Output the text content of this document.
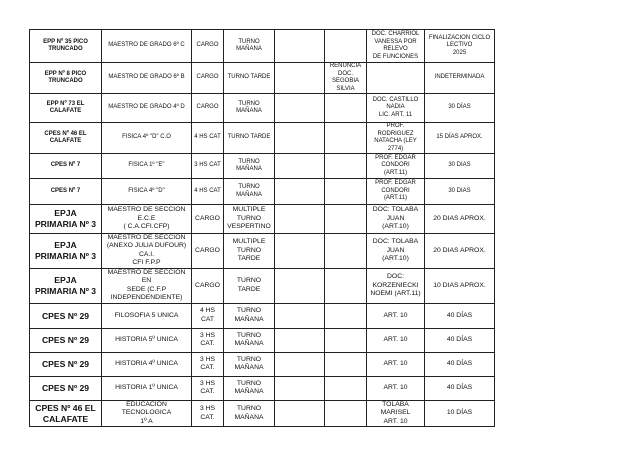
EPP Nº 35 PICO
TRUNCADO	MAESTRO DE GRADO 6º C	CARGO	TURNO MAÑANA			DOC. CHARRIOL
VANESSA POR RELEVO
DE FUNCIONES	FINALIZACION CICLO LECTIVO
2025
EPP Nº 8 PICO
TRUNCADO	MAESTRO DE GRADO 6º B	CARGO	TURNO TARDE		RENUNCIA DOC.
SEGOBIA SILVIA		INDETERMINADA
EPP Nº 73 EL CALAFATE	MAESTRO DE GRADO 4º D	CARGO	TURNO MAÑANA			DOC. CASTILLO NADIA
LIC. ART. 11	30 DÍAS
CPES Nº 46 EL CALAFATE	FISICA 4º "D" C.O	4 HS CAT	TURNO TARDE			PROF. RODRIGUEZ
NATACHA (LEY 2774)	15 DÍAS APROX.
CPES Nº 7	FISICA 1º "E"	3 HS CAT	TURNO MAÑANA			PROF. EDGAR
CONDORI (ART.11)	30 DIAS
CPES Nº 7	FISICA 4º "D"	4 HS CAT	TURNO MAÑANA			PROF. EDGAR
CONDORI (ART.11)	30 DIAS
EPJA PRIMARIA Nº 3	MAESTRO DE SECCION E.C.E
( C.A.CFI.CFP)	CARGO	MULTIPLE
TURNO
VESPERTINO			DOC: TOLABA JUAN
(ART.10)	20 DIAS APROX.
EPJA PRIMARIA Nº 3	MAESTRO DE SECCION
(ANEXO JULIA DUFOUR) CA.I.
CFI F.P.P	CARGO	MULTIPLE
TURNO TARDE			DOC: TOLABA JUAN
(ART.10)	20 DIAS APROX.
EPJA PRIMARIA Nº 3	MAESTRO DE SECCION EN
SEDE (C.F.P
INDEPENDENDIENTE)	CARGO	TURNO TARDE			DOC: KORZENIECKI
NOEMI (ART.11)	10 DIAS APROX.
CPES Nº 29	FILOSOFIA 5 UNICA	4 HS CAT	TURNO MAÑANA			ART. 10	40 DÍAS
CPES Nº 29	HISTORIA 5º UNICA	3 HS CAT.	TURNO MAÑANA			ART. 10	40 DÍAS
CPES Nº 29	HISTORIA 4º UNICA	3 HS CAT.	TURNO MAÑANA			ART. 10	40 DÍAS
CPES Nº 29	HISTORIA 1º UNICA	3 HS CAT.	TURNO MAÑANA			ART. 10	40 DÍAS
CPES Nº 46 EL
CALAFATE	EDUCACION TECNOLOGICA
1º A	3 HS CAT.	TURNO MAÑANA			TOLABA MARISEL
ART. 10	10 DÍAS
